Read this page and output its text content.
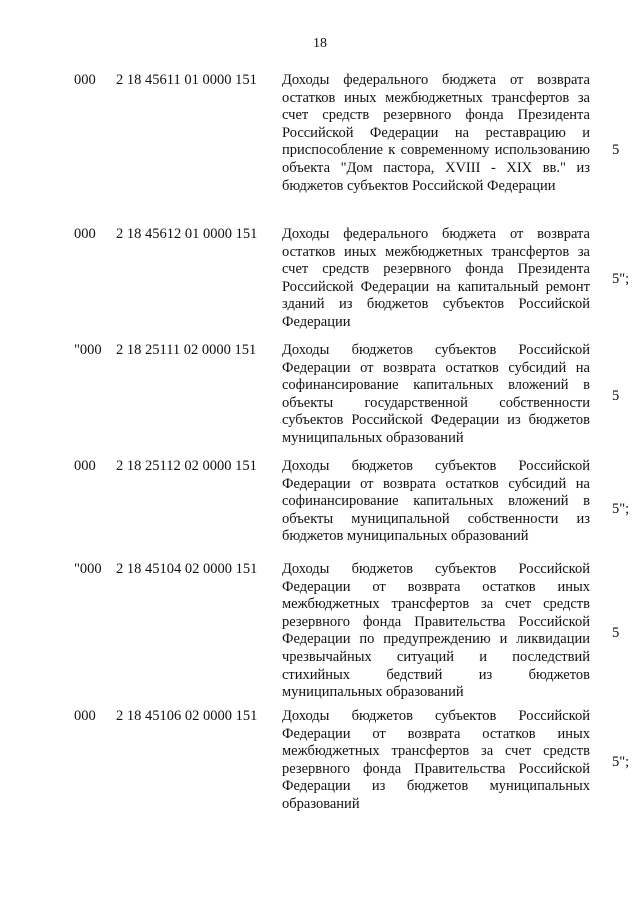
18
000 2 18 45611 01 0000 151 Доходы федерального бюджета от возврата остатков иных межбюджетных трансфертов за счет средств резервного фонда Президента Российской Федерации на реставрацию и приспособление к современному использованию объекта "Дом пастора, XVIII - XIX вв." из бюджетов субъектов Российской Федерации
5
000 2 18 45612 01 0000 151 Доходы федерального бюджета от возврата остатков иных межбюджетных трансфертов за счет средств резервного фонда Президента Российской Федерации на капитальный ремонт зданий из бюджетов субъектов Российской Федерации
5";
"000 2 18 25111 02 0000 151 Доходы бюджетов субъектов Российской Федерации от возврата остатков субсидий на софинансирование капитальных вложений в объекты государственной собственности субъектов Российской Федерации из бюджетов муниципальных образований
5
000 2 18 25112 02 0000 151 Доходы бюджетов субъектов Российской Федерации от возврата остатков субсидий на софинансирование капитальных вложений в объекты муниципальной собственности из бюджетов муниципальных образований
5";
"000 2 18 45104 02 0000 151 Доходы бюджетов субъектов Российской Федерации от возврата остатков иных межбюджетных трансфертов за счет средств резервного фонда Правительства Российской Федерации по предупреждению и ликвидации чрезвычайных ситуаций и последствий стихийных бедствий из бюджетов муниципальных образований
5
000 2 18 45106 02 0000 151 Доходы бюджетов субъектов Российской Федерации от возврата остатков иных межбюджетных трансфертов за счет средств резервного фонда Правительства Российской Федерации из бюджетов муниципальных образований
5";
